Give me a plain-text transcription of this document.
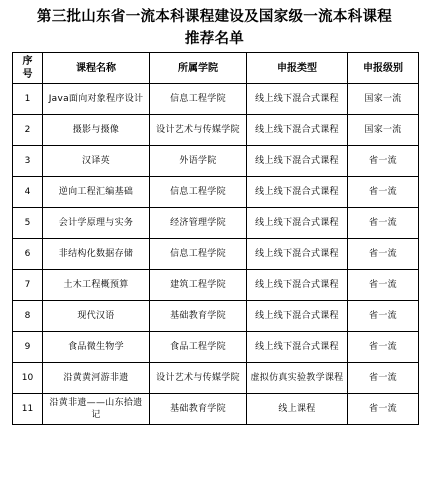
第三批山东省一流本科课程建设及国家级一流本科课程
推荐名单
序
号	课程名称	所属学院	申报类型	申报级别
1	Java面向对象程序设计	信息工程学院	线上线下混合式课程	国家一流
2	摄影与摄像	设计艺术与传媒学院	线上线下混合式课程	国家一流
3	汉译英	外语学院	线上线下混合式课程	省一流
4	逆向工程汇编基础	信息工程学院	线上线下混合式课程	省一流
5	会计学原理与实务	经济管理学院	线上线下混合式课程	省一流
6	非结构化数据存储	信息工程学院	线上线下混合式课程	省一流
7	土木工程概预算	建筑工程学院	线上线下混合式课程	省一流
8	现代汉语	基础教育学院	线上线下混合式课程	省一流
9	食品微生物学	食品工程学院	线上线下混合式课程	省一流
10	沿黄黄河游非遗	设计艺术与传媒学院	虚拟仿真实验教学课程	省一流
11	沿黄非遗——山东拾遗记	基础教育学院	线上课程	省一流
